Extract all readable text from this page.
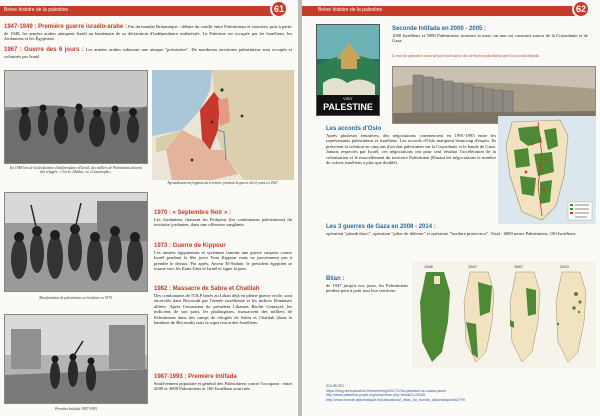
Brève histoire de la palestine	61
1947-1949 : Première guerre israélo-arabe : Fin du mandat Britannique : débute du conflit entre Palestiniens et sionistes, puis à partir de 1948, les armées arabes attaquent Israël au lendemain de sa déclaration d'indépendance unilatérale. La Palestine est occupée par les Israéliens, les Jordaniens et les Égyptiens.
1967 : Guerre des 6 jours : Les armées arabes subissent une attaque "préventive". De nombreux territoires palestiniens sont occupés et colonisés par Israël.
En 1948 lors de la déclaration d'indépendance d'Israël, des milliers de Palestiniens doivent des réfugiés : c'est la «Nakba» ou «Catastrophe».
Agrandissement frappant du territoire pendant la guerre des 6 jours en 1967.
Manifestation de palestiniens en Jordanie en 1970.
Première Intifada 1987-1993
1970 : « Septembre Noir » :
Les Jordaniens chassent les Fedayins (les combattants palestiniens) du territoire jordanien, dans une offensive sanglante.
1973 : Guerre de Kippour
Les armées égyptiennes et syriennes lancent une guerre surprise contre Israël pendant la fête juive Yom Kippour mais ne parviennent pas à prendre le dessus. Par après, Anwar El-Sadate, le président égyptien se tourne vers les Etats-Unis et Israël et signe la paix.
1982 : Massacre de Sabra et Chatilah
Des combattants de l'OLP basés au Liban déjà en pleine guerre civile, sont encerclés dans Beyrouth par l'armée israélienne et les milices libanaises alliées. Après l'assassinat du président Libanais Bachir Gemayel, les miliciens de son parti, les phalangistes, massacrent des milliers de Palestiniens dans des camps de réfugiés de Sabra et Chatilah (dans la banlieue de Beyrouth) sous la supervision des Israéliens.
1987-1993 : Première Intifada
Soulèvement populaire et général des Palestiniens contre l'occupant : entre 2000 et 3000 Palestiniens et 160 Israéliens sont tués.
Brève histoire de la palestine	62
VISIT
PALESTINE
Seconde Intifada en 2000 - 2005 :
1000 Israéliens et 5000 Palestiniens trouvent la mort, un mur est construit autour de la Cisjordanie et de Gaza.
Le mur de séparation construit par Israël autour des territoires palestiniens après la seconde Intifada.
Les accords d'Oslo
Après plusieurs tentatives, des négociations commencent en 1991-1993 entre les représentants palestiniens et israéliens. Les accords d'Oslo marquent beaucoup d'espoir. Ils prévoient la création en cinq ans d'un état palestinien sur la Cisjordanie et la bande de Gaza. Jamais respectés par Israël, ces négociations ont pour seul résultat l'accélération de la colonisation et le morcellement du territoire Palestinien (Durant les négociations le nombre de colons israéliens a plus que doublé).
Les 3 guerres de Gaza en 2008 - 2014 :
opération "plomb durci", opération "pilier de défense" et opération "bordure protectrice". Total : 6000 morts Palestiniens, 100 Israéliens.
Bilan :
de 1947 jusqu'à nos jours, les Palestiniens perdent petit à petit tout leur territoire.
1946	1947	1967	2010
SOURCES :
https://blog.revenplusloin.fr/hearn/blog/2017/12/la-palestine-au-casse-jaune
http://www.palestine-projet.org/view/news.php?newsID=19045
http://www.monde-diplomatique.fr/publications/l_atlas_du_monde_diplomatique/a52799
